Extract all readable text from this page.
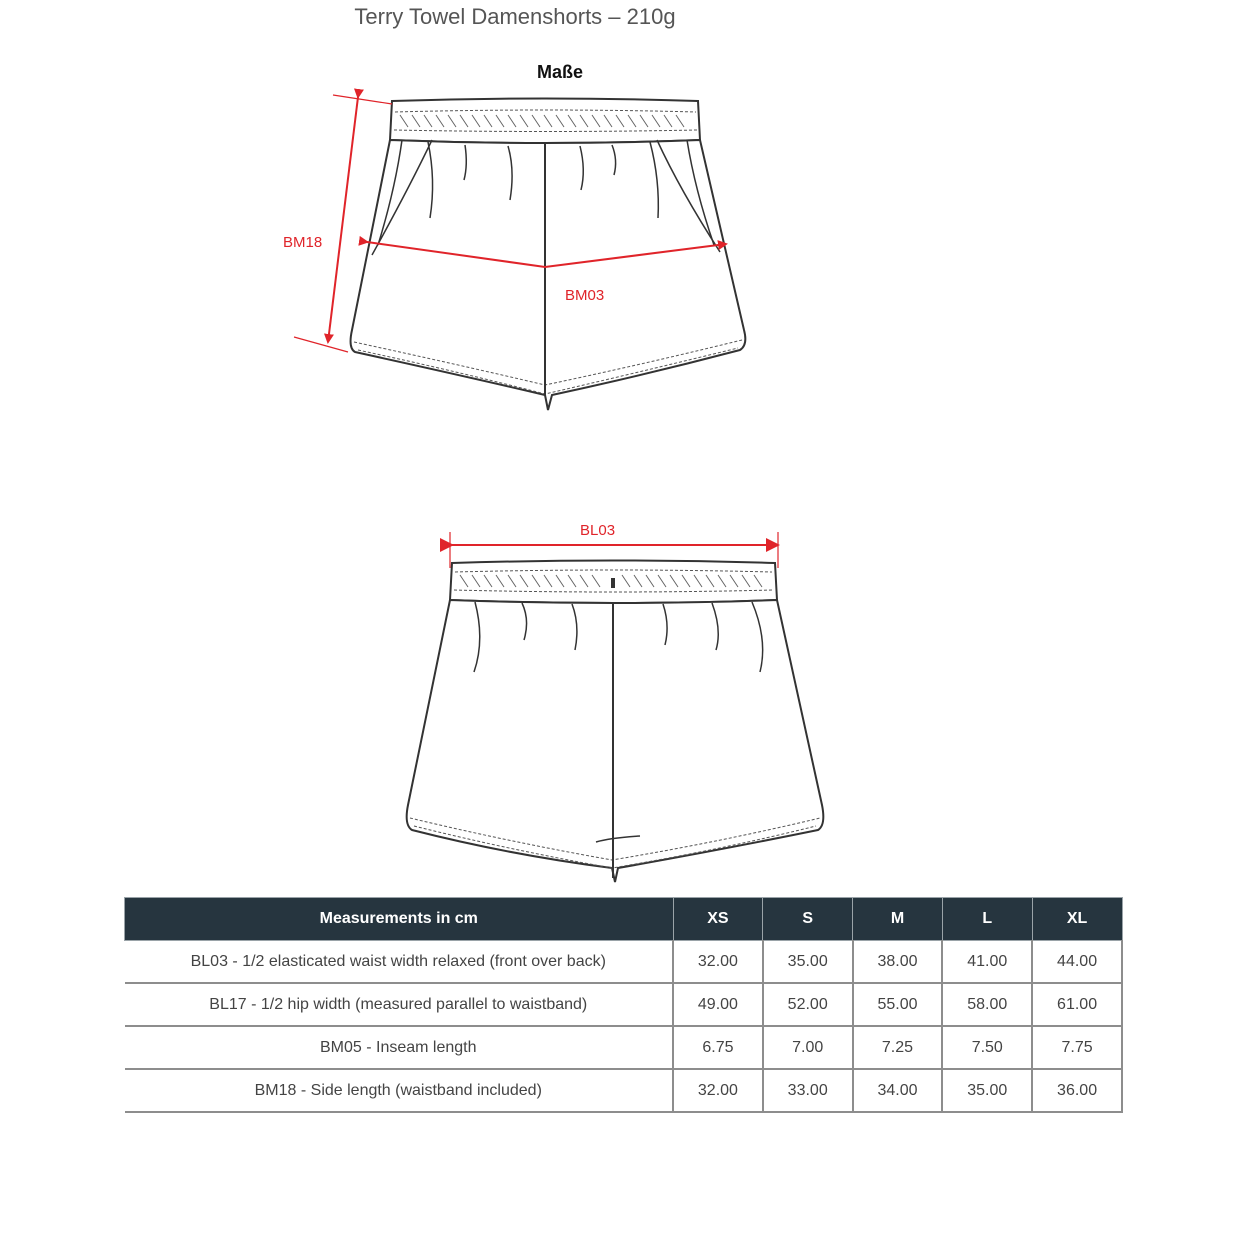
Terry Towel Damenshorts – 210g
Maße
BM18
BM03
BL03
Measurements in cm	XS	S	M	L	XL
BL03 - 1/2 elasticated waist width relaxed (front over back)	32.00	35.00	38.00	41.00	44.00
BL17 - 1/2 hip width (measured parallel to waistband)	49.00	52.00	55.00	58.00	61.00
BM05 - Inseam length	6.75	7.00	7.25	7.50	7.75
BM18 - Side length (waistband included)	32.00	33.00	34.00	35.00	36.00
